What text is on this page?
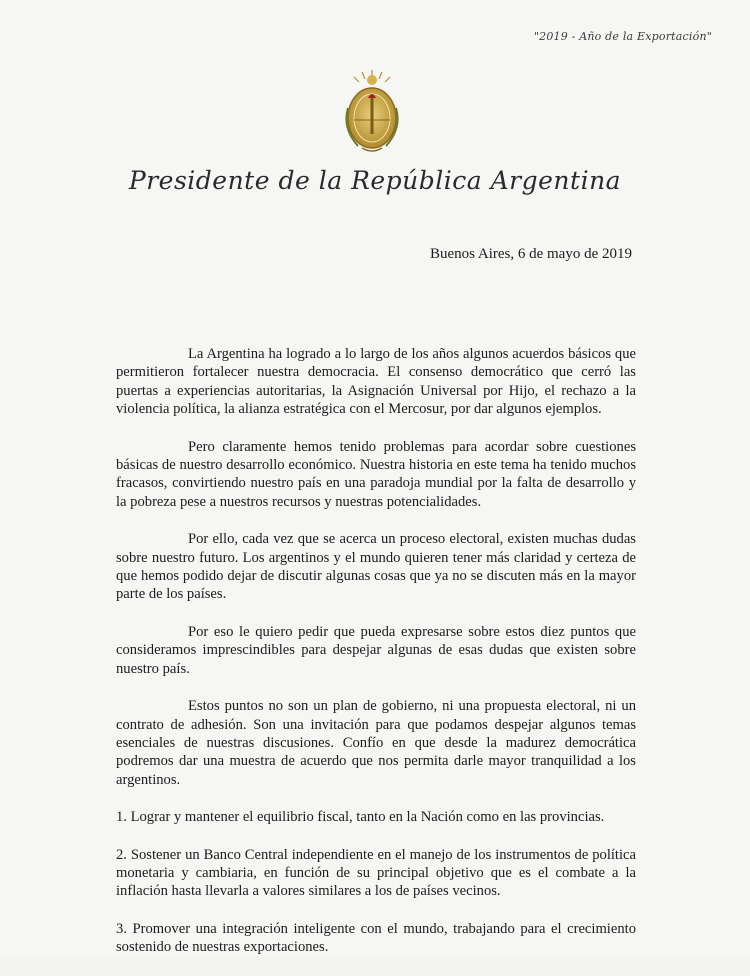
"2019 - Año de la Exportación"
Presidente de la República Argentina
Buenos Aires, 6 de mayo de 2019

La Argentina ha logrado a lo largo de los años algunos acuerdos básicos que permitieron fortalecer nuestra democracia. El consenso democrático que cerró las puertas a experiencias autoritarias, la Asignación Universal por Hijo, el rechazo a la violencia política, la alianza estratégica con el Mercosur, por dar algunos ejemplos.

Pero claramente hemos tenido problemas para acordar sobre cuestiones básicas de nuestro desarrollo económico. Nuestra historia en este tema ha tenido muchos fracasos, convirtiendo nuestro país en una paradoja mundial por la falta de desarrollo y la pobreza pese a nuestros recursos y nuestras potencialidades.

Por ello, cada vez que se acerca un proceso electoral, existen muchas dudas sobre nuestro futuro. Los argentinos y el mundo quieren tener más claridad y certeza de que hemos podido dejar de discutir algunas cosas que ya no se discuten más en la mayor parte de los países.

Por eso le quiero pedir que pueda expresarse sobre estos diez puntos que consideramos imprescindibles para despejar algunas de esas dudas que existen sobre nuestro país.

Estos puntos no son un plan de gobierno, ni una propuesta electoral, ni un contrato de adhesión. Son una invitación para que podamos despejar algunos temas esenciales de nuestras discusiones. Confío en que desde la madurez democrática podremos dar una muestra de acuerdo que nos permita darle mayor tranquilidad a los argentinos.

1. Lograr y mantener el equilibrio fiscal, tanto en la Nación como en las provincias.

2. Sostener un Banco Central independiente en el manejo de los instrumentos de política monetaria y cambiaria, en función de su principal objetivo que es el combate a la inflación hasta llevarla a valores similares a los de países vecinos.

3. Promover una integración inteligente con el mundo, trabajando para el crecimiento sostenido de nuestras exportaciones.
